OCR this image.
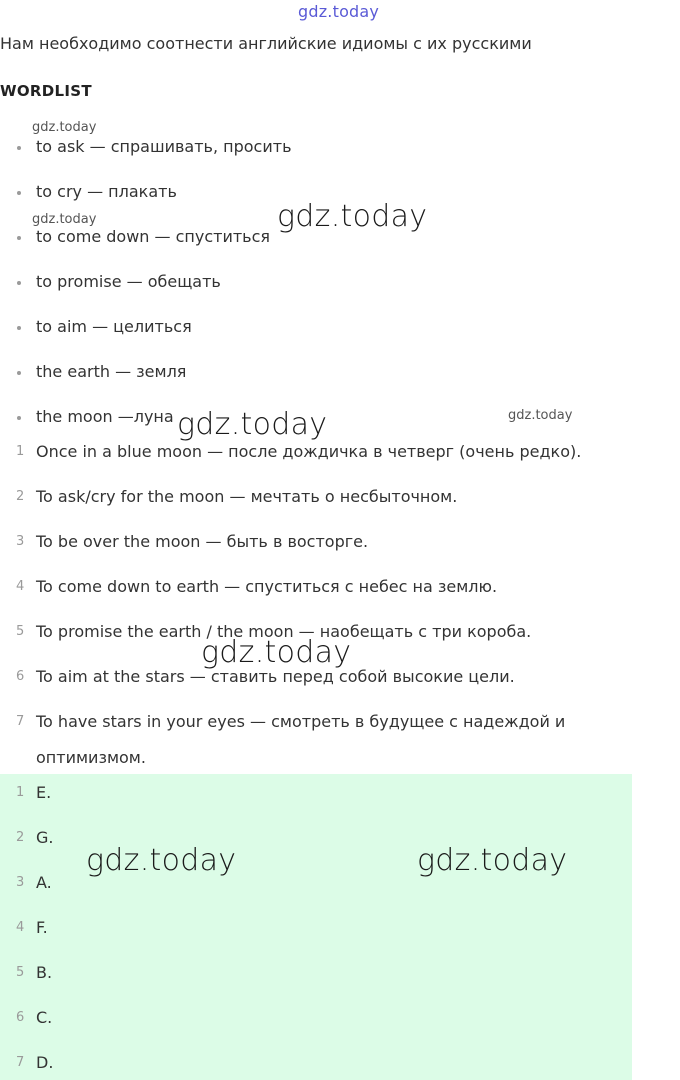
gdz.today
Нам необходимо соотнести английские идиомы с их русскими
WORDLIST
to ask — спрашивать, просить
to cry — плакать
to come down — спуститься
to promise — обещать
to aim — целиться
the earth — земля
the moon —луна
1 Once in a blue moon — после дождичка в четверг (очень редко).
2 To ask/cry for the moon — мечтать о несбыточном.
3 To be over the moon — быть в восторге.
4 To come down to earth — спуститься с небес на землю.
5 To promise the earth / the moon — наобещать с три короба.
6 To aim at the stars — ставить перед собой высокие цели.
7 To have stars in your eyes — смотреть в будущее с надеждой и
оптимизмом.
1 E.
2 G.
3 A.
4 F.
5 B.
6 C.
7 D.
gdz.today
gdz.today
gdz.today
gdz.today
gdz.today
gdz.today
gdz.today	gdz.today
